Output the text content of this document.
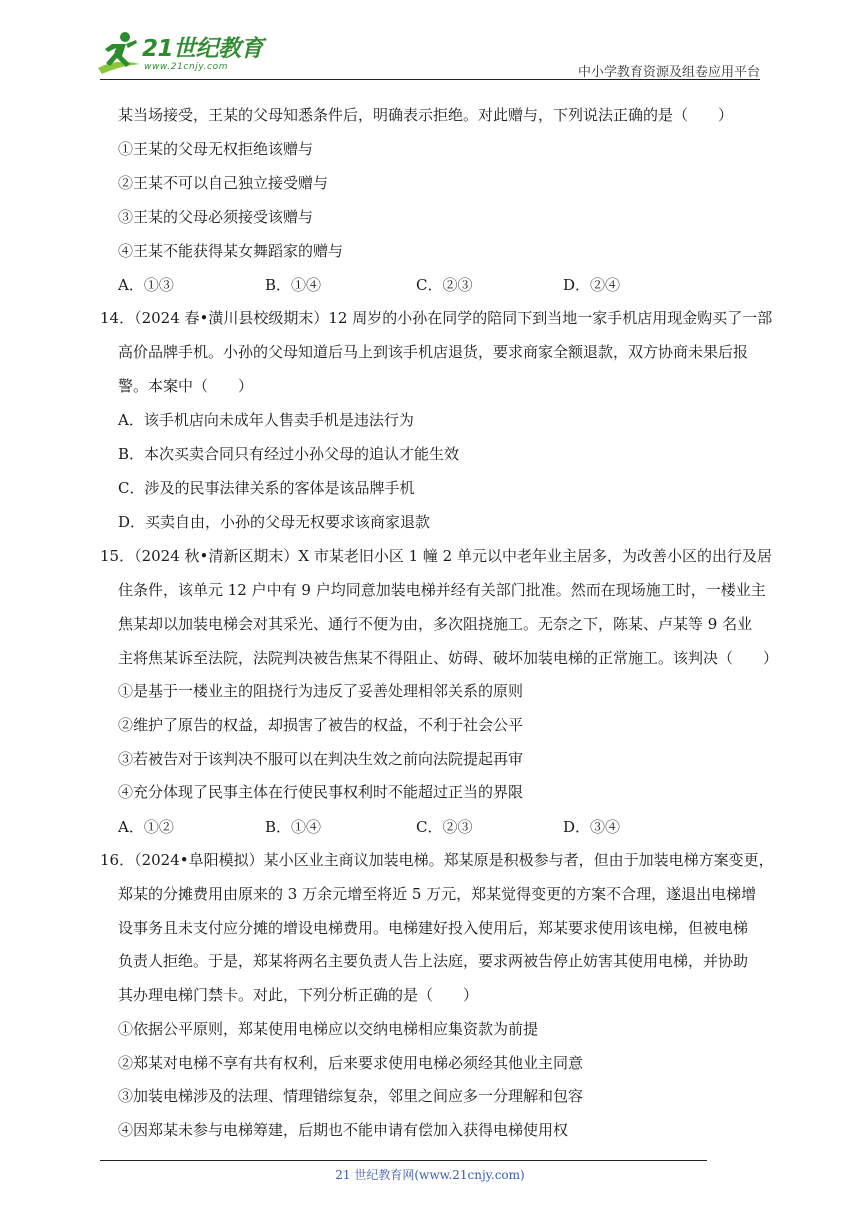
21世纪教育
www.21cnjy.com	中小学教育资源及组卷应用平台
某当场接受，王某的父母知悉条件后，明确表示拒绝。对此赠与，下列说法正确的是（　　）
①王某的父母无权拒绝该赠与
②王某不可以自己独立接受赠与
③王某的父母必须接受该赠与
④王某不能获得某女舞蹈家的赠与
A．①③	B．①④	C．②③	D．②④
14．（2024 春•潢川县校级期末）12 周岁的小孙在同学的陪同下到当地一家手机店用现金购买了一部
高价品牌手机。小孙的父母知道后马上到该手机店退货，要求商家全额退款，双方协商未果后报
警。本案中（　　）
A．该手机店向未成年人售卖手机是违法行为
B．本次买卖合同只有经过小孙父母的追认才能生效
C．涉及的民事法律关系的客体是该品牌手机
D．买卖自由，小孙的父母无权要求该商家退款
15．（2024 秋•清新区期末）X 市某老旧小区 1 幢 2 单元以中老年业主居多，为改善小区的出行及居
住条件，该单元 12 户中有 9 户均同意加装电梯并经有关部门批准。然而在现场施工时，一楼业主
焦某却以加装电梯会对其采光、通行不便为由，多次阻挠施工。无奈之下，陈某、卢某等 9 名业
主将焦某诉至法院，法院判决被告焦某不得阻止、妨碍、破坏加装电梯的正常施工。该判决（　　）
①是基于一楼业主的阻挠行为违反了妥善处理相邻关系的原则
②维护了原告的权益，却损害了被告的权益，不利于社会公平
③若被告对于该判决不服可以在判决生效之前向法院提起再审
④充分体现了民事主体在行使民事权利时不能超过正当的界限
A．①②	B．①④	C．②③	D．③④
16．（2024•阜阳模拟）某小区业主商议加装电梯。郑某原是积极参与者，但由于加装电梯方案变更，
郑某的分摊费用由原来的 3 万余元增至将近 5 万元，郑某觉得变更的方案不合理，遂退出电梯增
设事务且未支付应分摊的增设电梯费用。电梯建好投入使用后，郑某要求使用该电梯，但被电梯
负责人拒绝。于是，郑某将两名主要负责人告上法庭，要求两被告停止妨害其使用电梯，并协助
其办理电梯门禁卡。对此，下列分析正确的是（　　）
①依据公平原则，郑某使用电梯应以交纳电梯相应集资款为前提
②郑某对电梯不享有共有权利，后来要求使用电梯必须经其他业主同意
③加装电梯涉及的法理、情理错综复杂，邻里之间应多一分理解和包容
④因郑某未参与电梯筹建，后期也不能申请有偿加入获得电梯使用权
21 世纪教育网(www.21cnjy.com)
